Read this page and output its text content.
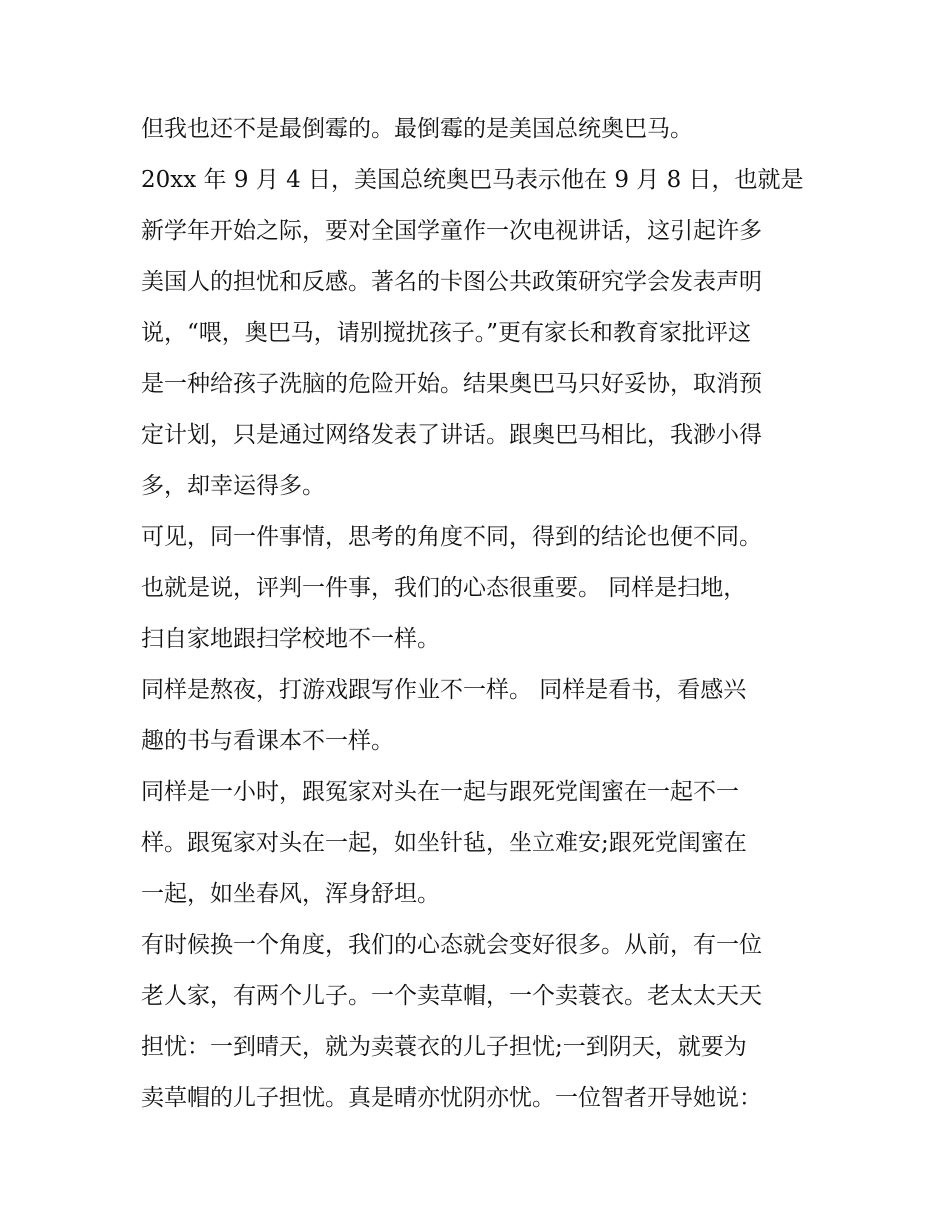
但我也还不是最倒霉的。最倒霉的是美国总统奥巴马。
20xx 年 9 月 4 日，美国总统奥巴马表示他在 9 月 8 日，也就是
新学年开始之际，要对全国学童作一次电视讲话，这引起许多
美国人的担忧和反感。著名的卡图公共政策研究学会发表声明
说，“喂，奥巴马，请别搅扰孩子。”更有家长和教育家批评这
是一种给孩子洗脑的危险开始。结果奥巴马只好妥协，取消预
定计划，只是通过网络发表了讲话。跟奥巴马相比，我渺小得
多，却幸运得多。
可见，同一件事情，思考的角度不同，得到的结论也便不同。
也就是说，评判一件事，我们的心态很重要。 同样是扫地，
扫自家地跟扫学校地不一样。
同样是熬夜，打游戏跟写作业不一样。 同样是看书，看感兴
趣的书与看课本不一样。
同样是一小时，跟冤家对头在一起与跟死党闺蜜在一起不一
样。跟冤家对头在一起，如坐针毡，坐立难安;跟死党闺蜜在
一起，如坐春风，浑身舒坦。
有时候换一个角度，我们的心态就会变好很多。从前，有一位
老人家，有两个儿子。一个卖草帽，一个卖蓑衣。老太太天天
担忧：一到晴天，就为卖蓑衣的儿子担忧;一到阴天，就要为
卖草帽的儿子担忧。真是晴亦忧阴亦忧。一位智者开导她说：
